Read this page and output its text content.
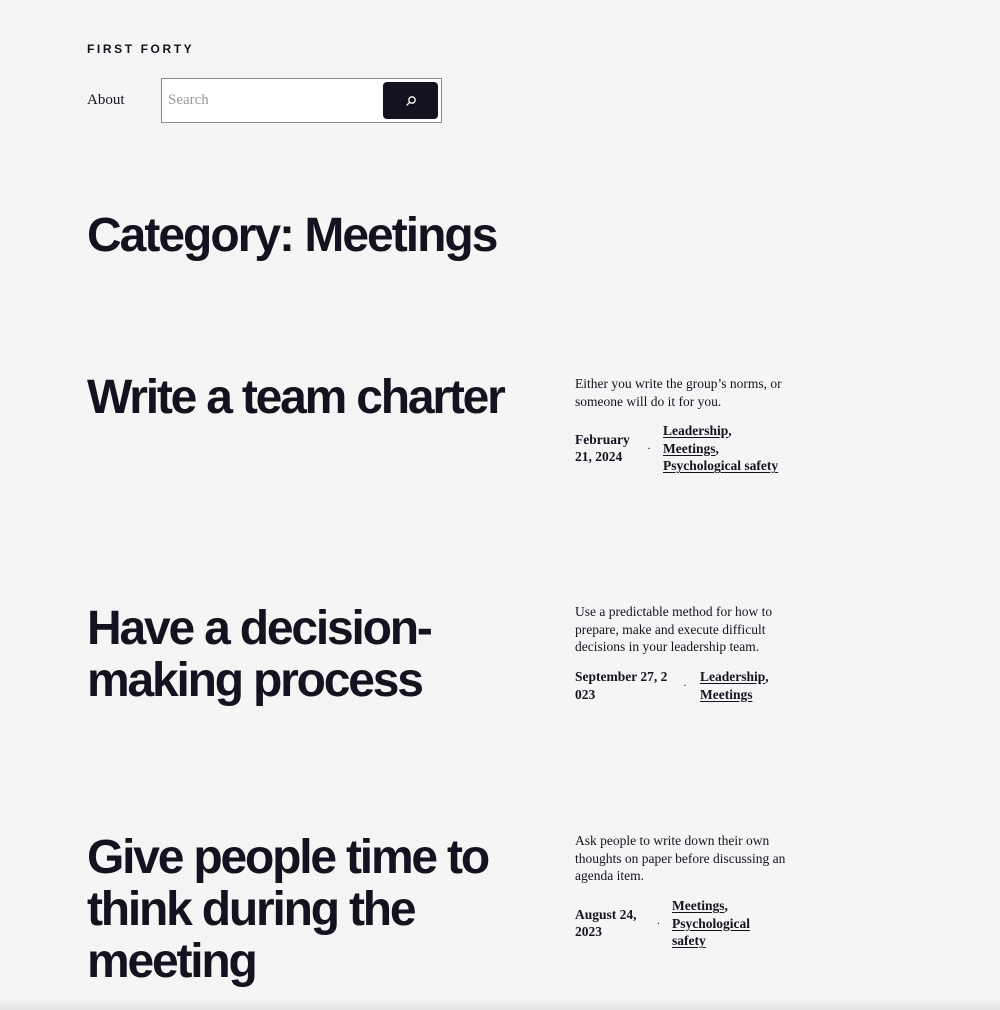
FIRST FORTY
About
Search
Category: Meetings
Write a team charter	Either you write the group’s norms, or someone will do it for you.

February 21, 2024
·
Leadership,
Meetings,
Psychological safety
Have a decision-making process

Use a predictable method for how to prepare, make and execute difficult decisions in your leadership team.

September 27, 2023
·
Leadership,
Meetings
Give people time to think during the meeting

Ask people to write down their own thoughts on paper before discussing an agenda item.

August 24, 2023
·
Meetings,
Psychological safety
